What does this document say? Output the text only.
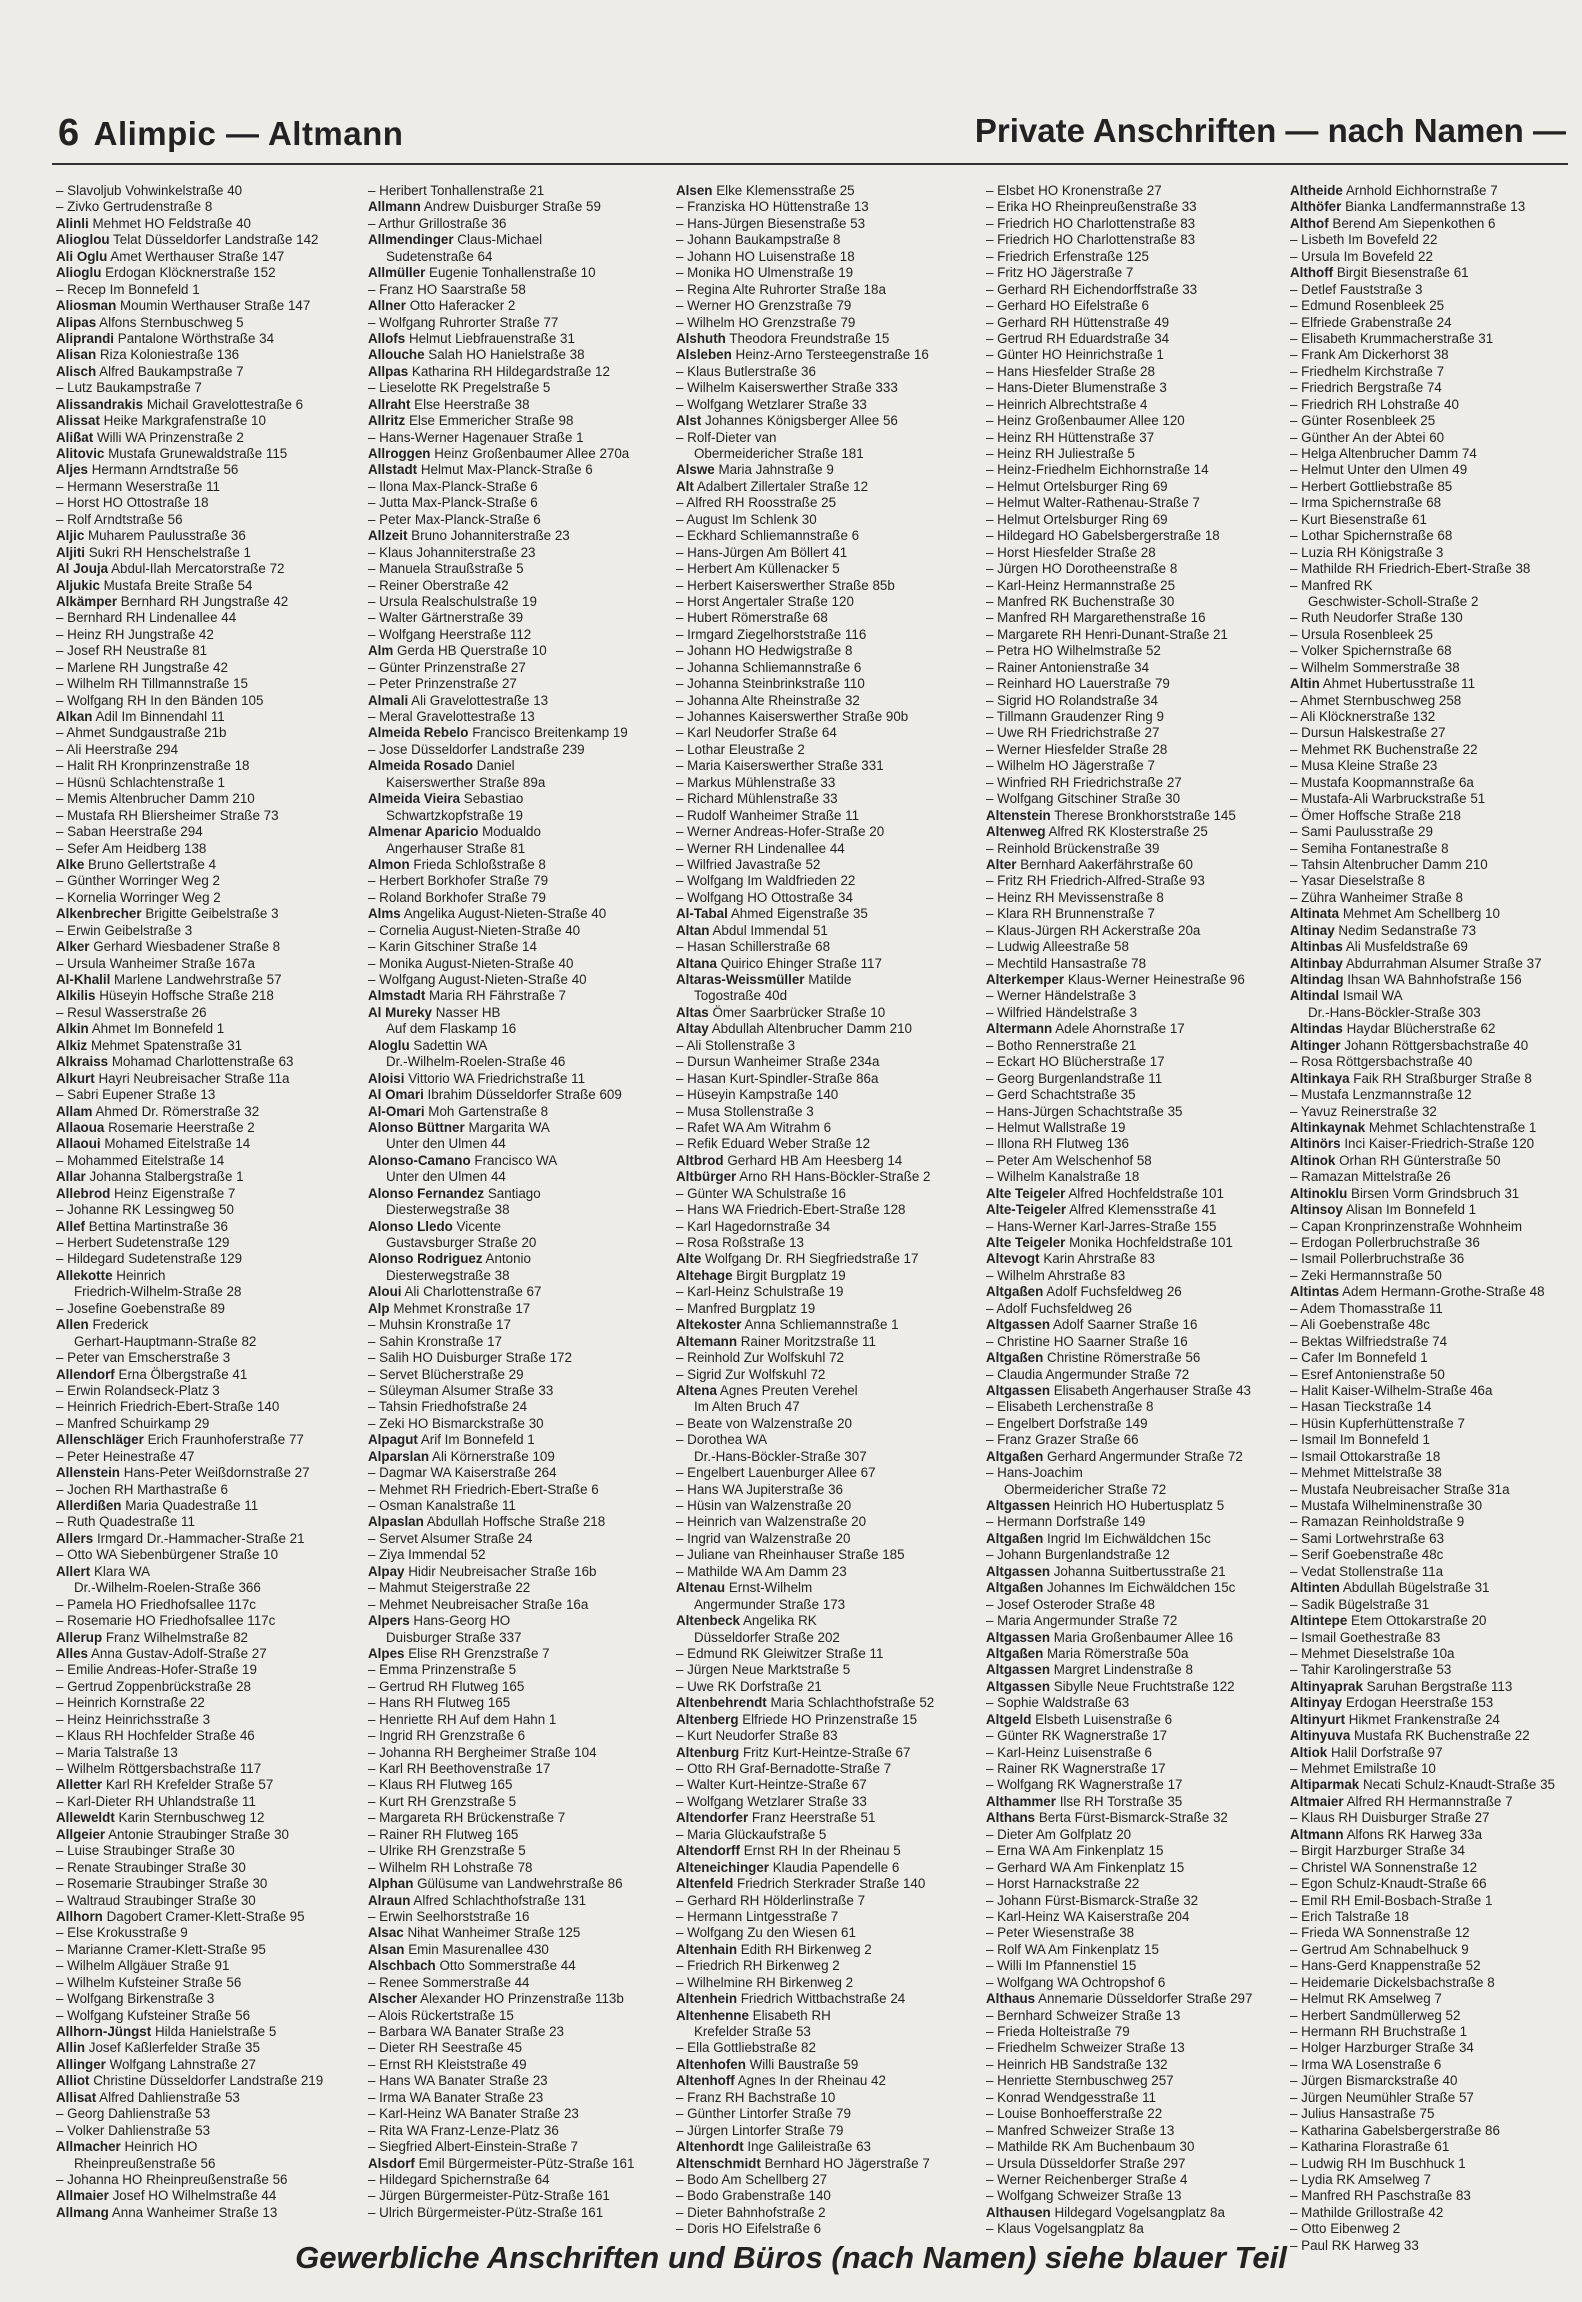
6 Alimpic — Altmann	Private Anschriften — nach Namen —
– Slavoljub Vohwinkelstraße 40
– Zivko Gertrudenstraße 8
Alinli Mehmet HO Feldstraße 40
Alioglou Telat Düsseldorfer Landstraße 142
Ali Oglu Amet Werthauser Straße 147
Alioglu Erdogan Klöcknerstraße 152
– Recep Im Bonnefeld 1
Aliosman Moumin Werthauser Straße 147
Alipas Alfons Sternbuschweg 5
Aliprandi Pantalone Wörthstraße 34
Alisan Riza Koloniestraße 136
Alisch Alfred Baukampstraße 7
– Lutz Baukampstraße 7
Alissandrakis Michail Gravelottestraße 6
Alissat Heike Markgrafenstraße 10
Alißat Willi WA Prinzenstraße 2
Alitovic Mustafa Grunewaldstraße 115
Aljes Hermann Arndtstraße 56
– Hermann Weserstraße 11
– Horst HO Ottostraße 18
– Rolf Arndtstraße 56
Aljic Muharem Paulusstraße 36
Aljiti Sukri RH Henschelstraße 1
Al Jouja Abdul-Ilah Mercatorstraße 72
Aljukic Mustafa Breite Straße 54
Alkämper Bernhard RH Jungstraße 42
– Bernhard RH Lindenallee 44
– Heinz RH Jungstraße 42
– Josef RH Neustraße 81
– Marlene RH Jungstraße 42
– Wilhelm RH Tillmannstraße 15
– Wolfgang RH In den Bänden 105
Alkan Adil Im Binnendahl 11
– Ahmet Sundgaustraße 21b
– Ali Heerstraße 294
– Halit RH Kronprinzenstraße 18
– Hüsnü Schlachtenstraße 1
– Memis Altenbrucher Damm 210
– Mustafa RH Bliersheimer Straße 73
– Saban Heerstraße 294
– Sefer Am Heidberg 138
Alke Bruno Gellertstraße 4
– Günther Worringer Weg 2
– Kornelia Worringer Weg 2
Alkenbrecher Brigitte Geibelstraße 3
– Erwin Geibelstraße 3
Alker Gerhard Wiesbadener Straße 8
– Ursula Wanheimer Straße 167a
Al-Khalil Marlene Landwehrstraße 57
Alkilis Hüseyin Hoffsche Straße 218
– Resul Wasserstraße 26
Alkin Ahmet Im Bonnefeld 1
Alkiz Mehmet Spatenstraße 31
Alkraiss Mohamad Charlottenstraße 63
Alkurt Hayri Neubreisacher Straße 11a
– Sabri Eupener Straße 13
Allam Ahmed Dr. Römerstraße 32
Allaoua Rosemarie Heerstraße 2
Allaoui Mohamed Eitelstraße 14
– Mohammed Eitelstraße 14
Allar Johanna Stalbergstraße 1
Allebrod Heinz Eigenstraße 7
– Johanne RK Lessingweg 50
Allef Bettina Martinstraße 36
– Herbert Sudetenstraße 129
– Hildegard Sudetenstraße 129
Allekotte Heinrich
Friedrich-Wilhelm-Straße 28
– Josefine Goebenstraße 89
Allen Frederick
Gerhart-Hauptmann-Straße 82
– Peter van Emscherstraße 3
Allendorf Erna Ölbergstraße 41
– Erwin Rolandseck-Platz 3
– Heinrich Friedrich-Ebert-Straße 140
– Manfred Schuirkamp 29
Allenschläger Erich Fraunhoferstraße 77
– Peter Heinestraße 47
Allenstein Hans-Peter Weißdornstraße 27
– Jochen RH Marthastraße 6
Allerdißen Maria Quadestraße 11
– Ruth Quadestraße 11
Allers Irmgard Dr.-Hammacher-Straße 21
– Otto WA Siebenbürgener Straße 10
Allert Klara WA
Dr.-Wilhelm-Roelen-Straße 366
– Pamela HO Friedhofsallee 117c
– Rosemarie HO Friedhofsallee 117c
Allerup Franz Wilhelmstraße 82
Alles Anna Gustav-Adolf-Straße 27
– Emilie Andreas-Hofer-Straße 19
– Gertrud Zoppenbrückstraße 28
– Heinrich Kornstraße 22
– Heinz Heinrichsstraße 3
– Klaus RH Hochfelder Straße 46
– Maria Talstraße 13
– Wilhelm Röttgersbachstraße 117
Alletter Karl RH Krefelder Straße 57
– Karl-Dieter RH Uhlandstraße 11
Alleweldt Karin Sternbuschweg 12
Allgeier Antonie Straubinger Straße 30
– Luise Straubinger Straße 30
– Renate Straubinger Straße 30
– Rosemarie Straubinger Straße 30
– Waltraud Straubinger Straße 30
Allhorn Dagobert Cramer-Klett-Straße 95
– Else Krokusstraße 9
– Marianne Cramer-Klett-Straße 95
– Wilhelm Allgäuer Straße 91
– Wilhelm Kufsteiner Straße 56
– Wolfgang Birkenstraße 3
– Wolfgang Kufsteiner Straße 56
Allhorn-Jüngst Hilda Hanielstraße 5
Allin Josef Kaßlerfelder Straße 35
Allinger Wolfgang Lahnstraße 27
Alliot Christine Düsseldorfer Landstraße 219
Allisat Alfred Dahlienstraße 53
– Georg Dahlienstraße 53
– Volker Dahlienstraße 53
Allmacher Heinrich HO
Rheinpreußenstraße 56
– Johanna HO Rheinpreußenstraße 56
Allmaier Josef HO Wilhelmstraße 44
Allmang Anna Wanheimer Straße 13
– Heribert Tonhallenstraße 21
Allmann Andrew Duisburger Straße 59
– Arthur Grillostraße 36
Allmendinger Claus-Michael
Sudetenstraße 64
Allmüller Eugenie Tonhallenstraße 10
– Franz HO Saarstraße 58
Allner Otto Haferacker 2
– Wolfgang Ruhrorter Straße 77
Allofs Helmut Liebfrauenstraße 31
Allouche Salah HO Hanielstraße 38
Allpas Katharina RH Hildegardstraße 12
– Lieselotte RK Pregelstraße 5
Allraht Else Heerstraße 38
Allritz Else Emmericher Straße 98
– Hans-Werner Hagenauer Straße 1
Allroggen Heinz Großenbaumer Allee 270a
Allstadt Helmut Max-Planck-Straße 6
– Ilona Max-Planck-Straße 6
– Jutta Max-Planck-Straße 6
– Peter Max-Planck-Straße 6
Allzeit Bruno Johanniterstraße 23
– Klaus Johanniterstraße 23
– Manuela Straußstraße 5
– Reiner Oberstraße 42
– Ursula Realschulstraße 19
– Walter Gärtnerstraße 39
– Wolfgang Heerstraße 112
Alm Gerda HB Querstraße 10
– Günter Prinzenstraße 27
– Peter Prinzenstraße 27
Almali Ali Gravelottestraße 13
– Meral Gravelottestraße 13
Almeida Rebelo Francisco Breitenkamp 19
– Jose Düsseldorfer Landstraße 239
Almeida Rosado Daniel
Kaiserswerther Straße 89a
Almeida Vieira Sebastiao
Schwartzkopfstraße 19
Almenar Aparicio Modualdo
Angerhauser Straße 81
Almon Frieda Schloßstraße 8
– Herbert Borkhofer Straße 79
– Roland Borkhofer Straße 79
Alms Angelika August-Nieten-Straße 40
– Cornelia August-Nieten-Straße 40
– Karin Gitschiner Straße 14
– Monika August-Nieten-Straße 40
– Wolfgang August-Nieten-Straße 40
Almstadt Maria RH Fährstraße 7
Al Mureky Nasser HB
Auf dem Flaskamp 16
Aloglu Sadettin WA
Dr.-Wilhelm-Roelen-Straße 46
Aloisi Vittorio WA Friedrichstraße 11
Al Omari Ibrahim Düsseldorfer Straße 609
Al-Omari Moh Gartenstraße 8
Alonso Büttner Margarita WA
Unter den Ulmen 44
Alonso-Camano Francisco WA
Unter den Ulmen 44
Alonso Fernandez Santiago
Diesterwegstraße 38
Alonso Lledo Vicente
Gustavsburger Straße 20
Alonso Rodriguez Antonio
Diesterwegstraße 38
Aloui Ali Charlottenstraße 67
Alp Mehmet Kronstraße 17
– Muhsin Kronstraße 17
– Sahin Kronstraße 17
– Salih HO Duisburger Straße 172
– Servet Blücherstraße 29
– Süleyman Alsumer Straße 33
– Tahsin Friedhofstraße 24
– Zeki HO Bismarckstraße 30
Alpagut Arif Im Bonnefeld 1
Alparslan Ali Körnerstraße 109
– Dagmar WA Kaiserstraße 264
– Mehmet RH Friedrich-Ebert-Straße 6
– Osman Kanalstraße 11
Alpaslan Abdullah Hoffsche Straße 218
– Servet Alsumer Straße 24
– Ziya Immendal 52
Alpay Hidir Neubreisacher Straße 16b
– Mahmut Steigerstraße 22
– Mehmet Neubreisacher Straße 16a
Alpers Hans-Georg HO
Duisburger Straße 337
Alpes Elise RH Grenzstraße 7
– Emma Prinzenstraße 5
– Gertrud RH Flutweg 165
– Hans RH Flutweg 165
– Henriette RH Auf dem Hahn 1
– Ingrid RH Grenzstraße 6
– Johanna RH Bergheimer Straße 104
– Karl RH Beethovenstraße 17
– Klaus RH Flutweg 165
– Kurt RH Grenzstraße 5
– Margareta RH Brückenstraße 7
– Rainer RH Flutweg 165
– Ulrike RH Grenzstraße 5
– Wilhelm RH Lohstraße 78
Alphan Gülüsume van Landwehrstraße 86
Alraun Alfred Schlachthofstraße 131
– Erwin Seelhorststraße 16
Alsac Nihat Wanheimer Straße 125
Alsan Emin Masurenallee 430
Alschbach Otto Sommerstraße 44
– Renee Sommerstraße 44
Alscher Alexander HO Prinzenstraße 113b
– Alois Rückertstraße 15
– Barbara WA Banater Straße 23
– Dieter RH Seestraße 45
– Ernst RH Kleiststraße 49
– Hans WA Banater Straße 23
– Irma WA Banater Straße 23
– Karl-Heinz WA Banater Straße 23
– Rita WA Franz-Lenze-Platz 36
– Siegfried Albert-Einstein-Straße 7
Alsdorf Emil Bürgermeister-Pütz-Straße 161
– Hildegard Spichernstraße 64
– Jürgen Bürgermeister-Pütz-Straße 161
– Ulrich Bürgermeister-Pütz-Straße 161
Alsen Elke Klemensstraße 25
– Franziska HO Hüttenstraße 13
– Hans-Jürgen Biesenstraße 53
– Johann Baukampstraße 8
– Johann HO Luisenstraße 18
– Monika HO Ulmenstraße 19
– Regina Alte Ruhrorter Straße 18a
– Werner HO Grenzstraße 79
– Wilhelm HO Grenzstraße 79
Alshuth Theodora Freundstraße 15
Alsleben Heinz-Arno Tersteegenstraße 16
– Klaus Butlerstraße 36
– Wilhelm Kaiserswerther Straße 333
– Wolfgang Wetzlarer Straße 33
Alst Johannes Königsberger Allee 56
– Rolf-Dieter van
Obermeidericher Straße 181
Alswe Maria Jahnstraße 9
Alt Adalbert Zillertaler Straße 12
– Alfred RH Roosstraße 25
– August Im Schlenk 30
– Eckhard Schliemannstraße 6
– Hans-Jürgen Am Böllert 41
– Herbert Am Küllenacker 5
– Herbert Kaiserswerther Straße 85b
– Horst Angertaler Straße 120
– Hubert Römerstraße 68
– Irmgard Ziegelhorststraße 116
– Johann HO Hedwigstraße 8
– Johanna Schliemannstraße 6
– Johanna Steinbrinkstraße 110
– Johanna Alte Rheinstraße 32
– Johannes Kaiserswerther Straße 90b
– Karl Neudorfer Straße 64
– Lothar Eleustraße 2
– Maria Kaiserswerther Straße 331
– Markus Mühlenstraße 33
– Richard Mühlenstraße 33
– Rudolf Wanheimer Straße 11
– Werner Andreas-Hofer-Straße 20
– Werner RH Lindenallee 44
– Wilfried Javastraße 52
– Wolfgang Im Waldfrieden 22
– Wolfgang HO Ottostraße 34
Al-Tabal Ahmed Eigenstraße 35
Altan Abdul Immendal 51
– Hasan Schillerstraße 68
Altana Quirico Ehinger Straße 117
Altaras-Weissmüller Matilde
Togostraße 40d
Altas Ömer Saarbrücker Straße 10
Altay Abdullah Altenbrucher Damm 210
– Ali Stollenstraße 3
– Dursun Wanheimer Straße 234a
– Hasan Kurt-Spindler-Straße 86a
– Hüseyin Kampstraße 140
– Musa Stollenstraße 3
– Rafet WA Am Witrahm 6
– Refik Eduard Weber Straße 12
Altbrod Gerhard HB Am Heesberg 14
Altbürger Arno RH Hans-Böckler-Straße 2
– Günter WA Schulstraße 16
– Hans WA Friedrich-Ebert-Straße 128
– Karl Hagedornstraße 34
– Rosa Roßstraße 13
Alte Wolfgang Dr. RH Siegfriedstraße 17
Altehage Birgit Burgplatz 19
– Karl-Heinz Schulstraße 19
– Manfred Burgplatz 19
Altekoster Anna Schliemannstraße 1
Altemann Rainer Moritzstraße 11
– Reinhold Zur Wolfskuhl 72
– Sigrid Zur Wolfskuhl 72
Altena Agnes Preuten Verehel
Im Alten Bruch 47
– Beate von Walzenstraße 20
– Dorothea WA
Dr.-Hans-Böckler-Straße 307
– Engelbert Lauenburger Allee 67
– Hans WA Jupiterstraße 36
– Hüsin van Walzenstraße 20
– Heinrich van Walzenstraße 20
– Ingrid van Walzenstraße 20
– Juliane van Rheinhauser Straße 185
– Mathilde WA Am Damm 23
Altenau Ernst-Wilhelm
Angermunder Straße 173
Altenbeck Angelika RK
Düsseldorfer Straße 202
– Edmund RK Gleiwitzer Straße 11
– Jürgen Neue Marktstraße 5
– Uwe RK Dorfstraße 21
Altenbehrendt Maria Schlachthofstraße 52
Altenberg Elfriede HO Prinzenstraße 15
– Kurt Neudorfer Straße 83
Altenburg Fritz Kurt-Heintze-Straße 67
– Otto RH Graf-Bernadotte-Straße 7
– Walter Kurt-Heintze-Straße 67
– Wolfgang Wetzlarer Straße 33
Altendorfer Franz Heerstraße 51
– Maria Glückaufstraße 5
Altendorff Ernst RH In der Rheinau 5
Alteneichinger Klaudia Papendelle 6
Altenfeld Friedrich Sterkrader Straße 140
– Gerhard RH Hölderlinstraße 7
– Hermann Lintgesstraße 7
– Wolfgang Zu den Wiesen 61
Altenhain Edith RH Birkenweg 2
– Friedrich RH Birkenweg 2
– Wilhelmine RH Birkenweg 2
Altenhein Friedrich Wittbachstraße 24
Altenhenne Elisabeth RH
Krefelder Straße 53
– Ella Gottliebstraße 82
Altenhofen Willi Baustraße 59
Altenhoff Agnes In der Rheinau 42
– Franz RH Bachstraße 10
– Günther Lintorfer Straße 79
– Jürgen Lintorfer Straße 79
Altenhordt Inge Galileistraße 63
Altenschmidt Bernhard HO Jägerstraße 7
– Bodo Am Schellberg 27
– Bodo Grabenstraße 140
– Dieter Bahnhofstraße 2
– Doris HO Eifelstraße 6
– Elsbet HO Kronenstraße 27
– Erika HO Rheinpreußenstraße 33
– Friedrich HO Charlottenstraße 83
– Friedrich HO Charlottenstraße 83
– Friedrich Erfenstraße 125
– Fritz HO Jägerstraße 7
– Gerhard RH Eichendorffstraße 33
– Gerhard HO Eifelstraße 6
– Gerhard RH Hüttenstraße 49
– Gertrud RH Eduardstraße 34
– Günter HO Heinrichstraße 1
– Hans Hiesfelder Straße 28
– Hans-Dieter Blumenstraße 3
– Heinrich Albrechtstraße 4
– Heinz Großenbaumer Allee 120
– Heinz RH Hüttenstraße 37
– Heinz RH Juliestraße 5
– Heinz-Friedhelm Eichhornstraße 14
– Helmut Ortelsburger Ring 69
– Helmut Walter-Rathenau-Straße 7
– Helmut Ortelsburger Ring 69
– Hildegard HO Gabelsbergerstraße 18
– Horst Hiesfelder Straße 28
– Jürgen HO Dorotheenstraße 8
– Karl-Heinz Hermannstraße 25
– Manfred RK Buchenstraße 30
– Manfred RH Margarethenstraße 16
– Margarete RH Henri-Dunant-Straße 21
– Petra HO Wilhelmstraße 52
– Rainer Antonienstraße 34
– Reinhard HO Lauerstraße 79
– Sigrid HO Rolandstraße 34
– Tillmann Graudenzer Ring 9
– Uwe RH Friedrichstraße 27
– Werner Hiesfelder Straße 28
– Wilhelm HO Jägerstraße 7
– Winfried RH Friedrichstraße 27
– Wolfgang Gitschiner Straße 30
Altenstein Therese Bronkhorststraße 145
Altenweg Alfred RK Klosterstraße 25
– Reinhold Brückenstraße 39
Alter Bernhard Aakerfährstraße 60
– Fritz RH Friedrich-Alfred-Straße 93
– Heinz RH Mevissenstraße 8
– Klara RH Brunnenstraße 7
– Klaus-Jürgen RH Ackerstraße 20a
– Ludwig Alleestraße 58
– Mechtild Hansastraße 78
Alterkemper Klaus-Werner Heinestraße 96
– Werner Händelstraße 3
– Wilfried Händelstraße 3
Altermann Adele Ahornstraße 17
– Botho Rennerstraße 21
– Eckart HO Blücherstraße 17
– Georg Burgenlandstraße 11
– Gerd Schachtstraße 35
– Hans-Jürgen Schachtstraße 35
– Helmut Wallstraße 19
– Illona RH Flutweg 136
– Peter Am Welschenhof 58
– Wilhelm Kanalstraße 18
Alte Teigeler Alfred Hochfeldstraße 101
Alte-Teigeler Alfred Klemensstraße 41
– Hans-Werner Karl-Jarres-Straße 155
Alte Teigeler Monika Hochfeldstraße 101
Altevogt Karin Ahrstraße 83
– Wilhelm Ahrstraße 83
Altgaßen Adolf Fuchsfeldweg 26
– Adolf Fuchsfeldweg 26
Altgassen Adolf Saarner Straße 16
– Christine HO Saarner Straße 16
Altgaßen Christine Römerstraße 56
– Claudia Angermunder Straße 72
Altgassen Elisabeth Angerhauser Straße 43
– Elisabeth Lerchenstraße 8
– Engelbert Dorfstraße 149
– Franz Grazer Straße 66
Altgaßen Gerhard Angermunder Straße 72
– Hans-Joachim
Obermeidericher Straße 72
Altgassen Heinrich HO Hubertusplatz 5
– Hermann Dorfstraße 149
Altgaßen Ingrid Im Eichwäldchen 15c
– Johann Burgenlandstraße 12
Altgassen Johanna Suitbertusstraße 21
Altgaßen Johannes Im Eichwäldchen 15c
– Josef Osteroder Straße 48
– Maria Angermunder Straße 72
Altgassen Maria Großenbaumer Allee 16
Altgaßen Maria Römerstraße 50a
Altgassen Margret Lindenstraße 8
Altgassen Sibylle Neue Fruchtstraße 122
– Sophie Waldstraße 63
Altgeld Elsbeth Luisenstraße 6
– Günter RK Wagnerstraße 17
– Karl-Heinz Luisenstraße 6
– Rainer RK Wagnerstraße 17
– Wolfgang RK Wagnerstraße 17
Althammer Ilse RH Torstraße 35
Althans Berta Fürst-Bismarck-Straße 32
– Dieter Am Golfplatz 20
– Erna WA Am Finkenplatz 15
– Gerhard WA Am Finkenplatz 15
– Horst Harnackstraße 22
– Johann Fürst-Bismarck-Straße 32
– Karl-Heinz WA Kaiserstraße 204
– Peter Wiesenstraße 38
– Rolf WA Am Finkenplatz 15
– Willi Im Pfannenstiel 15
– Wolfgang WA Ochtropshof 6
Althaus Annemarie Düsseldorfer Straße 297
– Bernhard Schweizer Straße 13
– Frieda Holteistraße 79
– Friedhelm Schweizer Straße 13
– Heinrich HB Sandstraße 132
– Henriette Sternbuschweg 257
– Konrad Wendgesstraße 11
– Louise Bonhoefferstraße 22
– Manfred Schweizer Straße 13
– Mathilde RK Am Buchenbaum 30
– Ursula Düsseldorfer Straße 297
– Werner Reichenberger Straße 4
– Wolfgang Schweizer Straße 13
Althausen Hildegard Vogelsangplatz 8a
– Klaus Vogelsangplatz 8a
Altheide Arnhold Eichhornstraße 7
Althöfer Bianka Landfermannstraße 13
Althof Berend Am Siepenkothen 6
– Lisbeth Im Bovefeld 22
– Ursula Im Bovefeld 22
Althoff Birgit Biesenstraße 61
– Detlef Fauststraße 3
– Edmund Rosenbleek 25
– Elfriede Grabenstraße 24
– Elisabeth Krummacherstraße 31
– Frank Am Dickerhorst 38
– Friedhelm Kirchstraße 7
– Friedrich Bergstraße 74
– Friedrich RH Lohstraße 40
– Günter Rosenbleek 25
– Günther An der Abtei 60
– Helga Altenbrucher Damm 74
– Helmut Unter den Ulmen 49
– Herbert Gottliebstraße 85
– Irma Spichernstraße 68
– Kurt Biesenstraße 61
– Lothar Spichernstraße 68
– Luzia RH Königstraße 3
– Mathilde RH Friedrich-Ebert-Straße 38
– Manfred RK
Geschwister-Scholl-Straße 2
– Ruth Neudorfer Straße 130
– Ursula Rosenbleek 25
– Volker Spichernstraße 68
– Wilhelm Sommerstraße 38
Altin Ahmet Hubertusstraße 11
– Ahmet Sternbuschweg 258
– Ali Klöcknerstraße 132
– Dursun Halskestraße 27
– Mehmet RK Buchenstraße 22
– Musa Kleine Straße 23
– Mustafa Koopmannstraße 6a
– Mustafa-Ali Warbruckstraße 51
– Ömer Hoffsche Straße 218
– Sami Paulusstraße 29
– Semiha Fontanestraße 8
– Tahsin Altenbrucher Damm 210
– Yasar Dieselstraße 8
– Zühra Wanheimer Straße 8
Altinata Mehmet Am Schellberg 10
Altinay Nedim Sedanstraße 73
Altinbas Ali Musfeldstraße 69
Altinbay Abdurrahman Alsumer Straße 37
Altindag Ihsan WA Bahnhofstraße 156
Altindal Ismail WA
Dr.-Hans-Böckler-Straße 303
Altindas Haydar Blücherstraße 62
Altinger Johann Röttgersbachstraße 40
– Rosa Röttgersbachstraße 40
Altinkaya Faik RH Straßburger Straße 8
– Mustafa Lenzmannstraße 12
– Yavuz Reinerstraße 32
Altinkaynak Mehmet Schlachtenstraße 1
Altinörs Inci Kaiser-Friedrich-Straße 120
Altinok Orhan RH Günterstraße 50
– Ramazan Mittelstraße 26
Altinoklu Birsen Vorm Grindsbruch 31
Altinsoy Alisan Im Bonnefeld 1
– Capan Kronprinzenstraße Wohnheim
– Erdogan Pollerbruchstraße 36
– Ismail Pollerbruchstraße 36
– Zeki Hermannstraße 50
Altintas Adem Hermann-Grothe-Straße 48
– Adem Thomasstraße 11
– Ali Goebenstraße 48c
– Bektas Wilfriedstraße 74
– Cafer Im Bonnefeld 1
– Esref Antonienstraße 50
– Halit Kaiser-Wilhelm-Straße 46a
– Hasan Tieckstraße 14
– Hüsin Kupferhüttenstraße 7
– Ismail Im Bonnefeld 1
– Ismail Ottokarstraße 18
– Mehmet Mittelstraße 38
– Mustafa Neubreisacher Straße 31a
– Mustafa Wilhelminenstraße 30
– Ramazan Reinholdstraße 9
– Sami Lortwehrstraße 63
– Serif Goebenstraße 48c
– Vedat Stollenstraße 11a
Altinten Abdullah Bügelstraße 31
– Sadik Bügelstraße 31
Altintepe Etem Ottokarstraße 20
– Ismail Goethestraße 83
– Mehmet Dieselstraße 10a
– Tahir Karolingerstraße 53
Altinyaprak Saruhan Bergstraße 113
Altinyay Erdogan Heerstraße 153
Altinyurt Hikmet Frankenstraße 24
Altinyuva Mustafa RK Buchenstraße 22
Altiok Halil Dorfstraße 97
– Mehmet Emilstraße 10
Altiparmak Necati Schulz-Knaudt-Straße 35
Altmaier Alfred RH Hermannstraße 7
– Klaus RH Duisburger Straße 27
Altmann Alfons RK Harweg 33a
– Birgit Harzburger Straße 34
– Christel WA Sonnenstraße 12
– Egon Schulz-Knaudt-Straße 66
– Emil RH Emil-Bosbach-Straße 1
– Erich Talstraße 18
– Frieda WA Sonnenstraße 12
– Gertrud Am Schnabelhuck 9
– Hans-Gerd Knappenstraße 52
– Heidemarie Dickelsbachstraße 8
– Helmut RK Amselweg 7
– Herbert Sandmüllerweg 52
– Hermann RH Bruchstraße 1
– Holger Harzburger Straße 34
– Irma WA Losenstraße 6
– Jürgen Bismarckstraße 40
– Jürgen Neumühler Straße 57
– Julius Hansastraße 75
– Katharina Gabelsbergerstraße 86
– Katharina Florastraße 61
– Ludwig RH Im Buschhuck 1
– Lydia RK Amselweg 7
– Manfred RH Paschstraße 83
– Mathilde Grillostraße 42
– Otto Eibenweg 2
– Paul RK Harweg 33
Gewerbliche Anschriften und Büros (nach Namen) siehe blauer Teil
